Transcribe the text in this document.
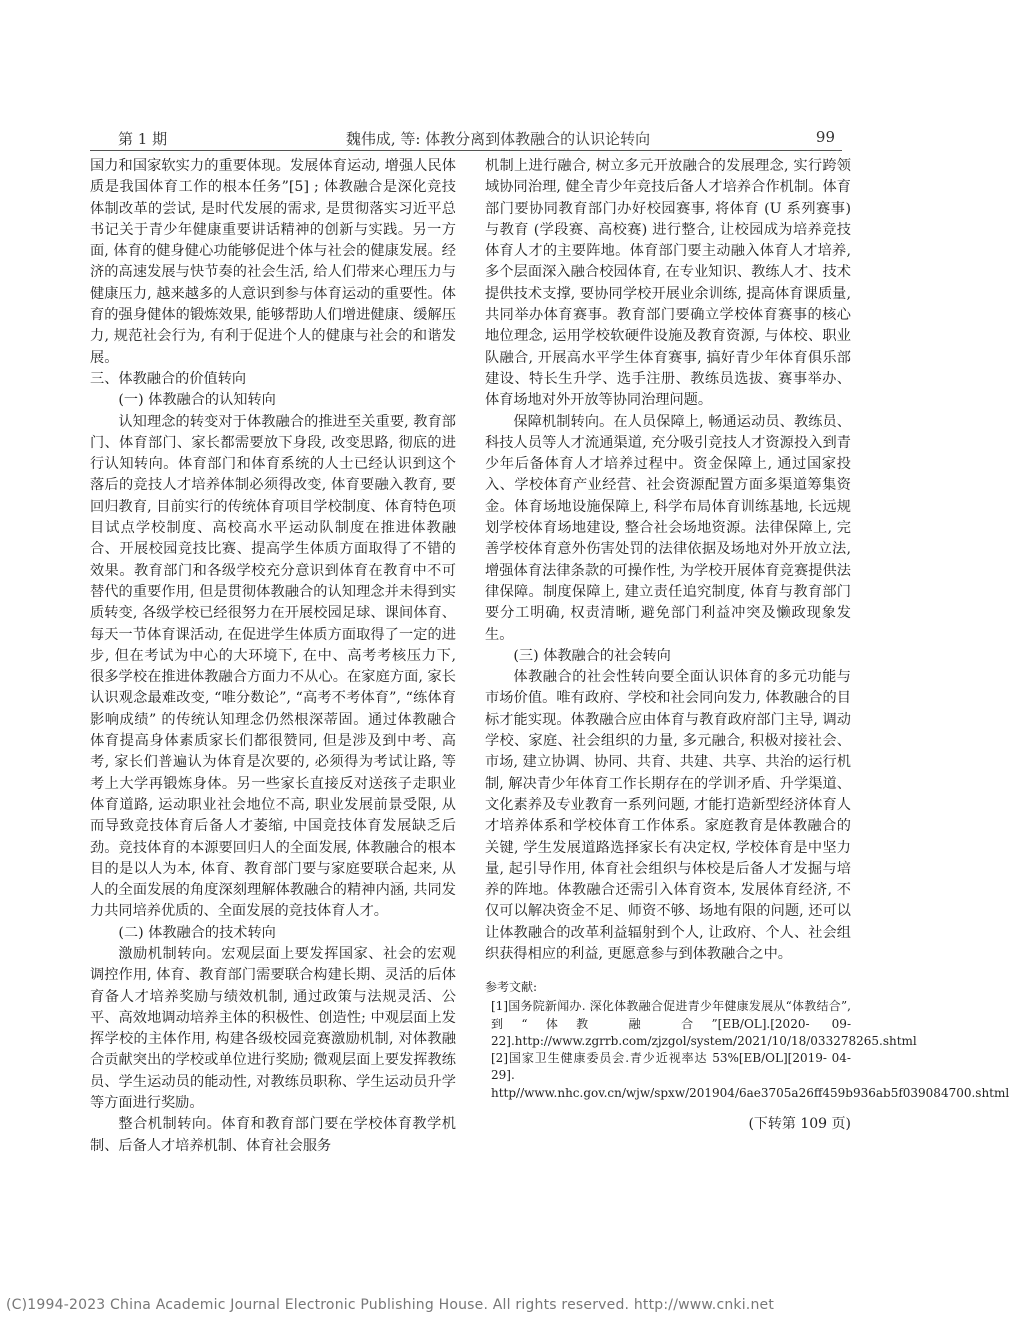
第 1 期	魏伟成, 等: 体教分离到体教融合的认识论转向	99

国力和国家软实力的重要体现。发展体育运动, 增强人民体质是我国体育工作的根本任务”[5] ; 体教融合是深化竞技体制改革的尝试, 是时代发展的需求, 是贯彻落实习近平总书记关于青少年健康重要讲话精神的创新与实践。另一方面, 体育的健身健心功能够促进个体与社会的健康发展。经济的高速发展与快节奏的社会生活, 给人们带来心理压力与健康压力, 越来越多的人意识到参与体育运动的重要性。体育的强身健体的锻炼效果, 能够帮助人们增进健康、缓解压力, 规范社会行为, 有利于促进个人的健康与社会的和谐发展。

三、体教融合的价值转向

(一) 体教融合的认知转向

认知理念的转变对于体教融合的推进至关重要, 教育部门、体育部门、家长都需要放下身段, 改变思路, 彻底的进行认知转向。体育部门和体育系统的人士已经认识到这个落后的竞技人才培养体制必须得改变, 体育要融入教育, 要回归教育, 目前实行的传统体育项目学校制度、体育特色项目试点学校制度、高校高水平运动队制度在推进体教融合、开展校园竞技比赛、提高学生体质方面取得了不错的效果。教育部门和各级学校充分意识到体育在教育中不可替代的重要作用, 但是贯彻体教融合的认知理念并未得到实质转变, 各级学校已经很努力在开展校园足球、课间体育、每天一节体育课活动, 在促进学生体质方面取得了一定的进步, 但在考试为中心的大环境下, 在中、高考考核压力下, 很多学校在推进体教融合方面力不从心。在家庭方面, 家长认识观念最难改变, “唯分数论”, “高考不考体育”, “练体育影响成绩” 的传统认知理念仍然根深蒂固。通过体教融合体育提高身体素质家长们都很赞同, 但是涉及到中考、高考, 家长们普遍认为体育是次要的, 必须得为考试让路, 等考上大学再锻炼身体。另一些家长直接反对送孩子走职业体育道路, 运动职业社会地位不高, 职业发展前景受限, 从而导致竞技体育后备人才萎缩, 中国竞技体育发展缺乏后劲。竞技体育的本源要回归人的全面发展, 体教融合的根本目的是以人为本, 体育、教育部门要与家庭要联合起来, 从人的全面发展的角度深刻理解体教融合的精神内涵, 共同发力共同培养优质的、全面发展的竞技体育人才。

(二) 体教融合的技术转向

激励机制转向。宏观层面上要发挥国家、社会的宏观调控作用, 体育、教育部门需要联合构建长期、灵活的后体育备人才培养奖励与绩效机制, 通过政策与法规灵活、公平、高效地调动培养主体的积极性、创造性; 中观层面上发挥学校的主体作用, 构建各级校园竞赛激励机制, 对体教融合贡献突出的学校或单位进行奖励; 微观层面上要发挥教练员、学生运动员的能动性, 对教练员职称、学生运动员升学等方面进行奖励。

整合机制转向。体育和教育部门要在学校体育教学机制、后备人才培养机制、体育社会服务

机制上进行融合, 树立多元开放融合的发展理念, 实行跨领域协同治理, 健全青少年竞技后备人才培养合作机制。体育部门要协同教育部门办好校园赛事, 将体育 (U 系列赛事) 与教育 (学段赛、高校赛) 进行整合, 让校园成为培养竞技体育人才的主要阵地。体育部门要主动融入体育人才培养, 多个层面深入融合校园体育, 在专业知识、教练人才、技术提供技术支撑, 要协同学校开展业余训练, 提高体育课质量, 共同举办体育赛事。教育部门要确立学校体育赛事的核心地位理念, 运用学校软硬件设施及教育资源, 与体校、职业队融合, 开展高水平学生体育赛事, 搞好青少年体育俱乐部建设、特长生升学、选手注册、教练员选拔、赛事举办、体育场地对外开放等协同治理问题。

保障机制转向。在人员保障上, 畅通运动员、教练员、科技人员等人才流通渠道, 充分吸引竞技人才资源投入到青少年后备体育人才培养过程中。资金保障上, 通过国家投入、学校体育产业经营、社会资源配置方面多渠道筹集资金。体育场地设施保障上, 科学布局体育训练基地, 长远规划学校体育场地建设, 整合社会场地资源。法律保障上, 完善学校体育意外伤害处罚的法律依据及场地对外开放立法, 增强体育法律条款的可操作性, 为学校开展体育竞赛提供法律保障。制度保障上, 建立责任追究制度, 体育与教育部门要分工明确, 权责清晰, 避免部门利益冲突及懒政现象发生。

(三) 体教融合的社会转向

体教融合的社会性转向要全面认识体育的多元功能与市场价值。唯有政府、学校和社会同向发力, 体教融合的目标才能实现。体教融合应由体育与教育政府部门主导, 调动学校、家庭、社会组织的力量, 多元融合, 积极对接社会、市场, 建立协调、协同、共育、共建、共享、共治的运行机制, 解决青少年体育工作长期存在的学训矛盾、升学渠道、文化素养及专业教育一系列问题, 才能打造新型经济体育人才培养体系和学校体育工作体系。家庭教育是体教融合的关键, 学生发展道路选择家长有决定权, 学校体育是中坚力量, 起引导作用, 体育社会组织与体校是后备人才发掘与培养的阵地。体教融合还需引入体育资本, 发展体育经济, 不仅可以解决资金不足、师资不够、场地有限的问题, 还可以让体教融合的改革利益辐射到个人, 让政府、个人、社会组织获得相应的利益, 更愿意参与到体教融合之中。

参考文献:

[1]国务院新闻办. 深化体教融合促进青少年健康发展从“体教结合”, 到“体教 融 合”[EB/OL].[2020- 09- 22].http://www.zgrrb.com/zjzgol/system/2021/10/18/033278265.shtml

[2]国家卫生健康委员会.青少近视率达 53%[EB/OL][2019- 04- 29]. http//www.nhc.gov.cn/wjw/spxw/201904/6ae3705a26ff459b936ab5f039084700.shtml

(下转第 109 页)

(C)1994-2023 China Academic Journal Electronic Publishing House. All rights reserved. http://www.cnki.net
